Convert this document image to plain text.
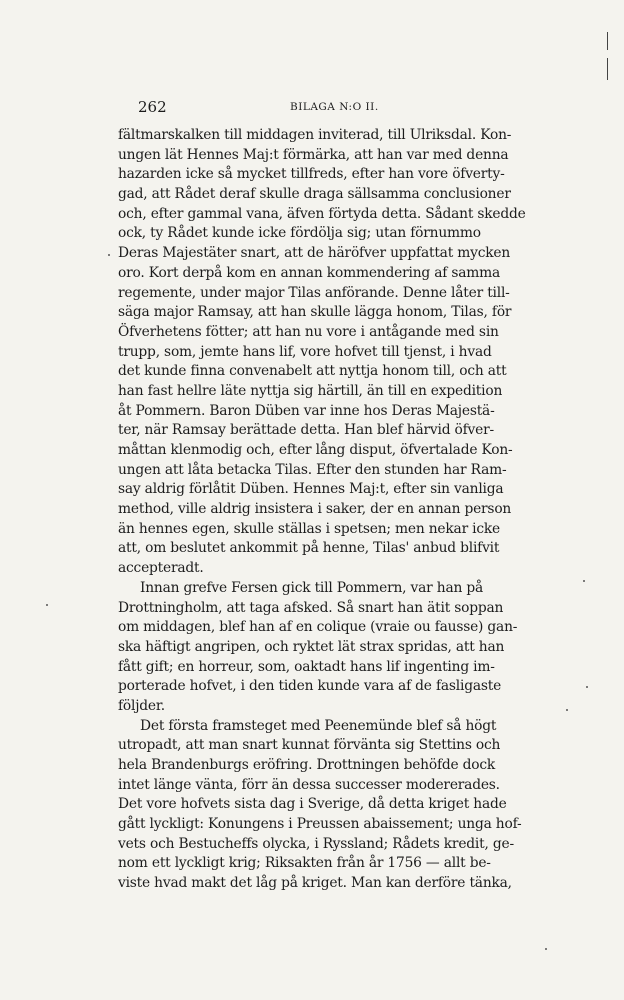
262	BILAGA N:O II.
fältmarskalken till middagen inviterad, till Ulriksdal. Kon-
ungen lät Hennes Maj:t förmärka, att han var med denna
hazarden icke så mycket tillfreds, efter han vore öfverty-
gad, att Rådet deraf skulle draga sällsamma conclusioner
och, efter gammal vana, äfven förtyda detta. Sådant skedde
ock, ty Rådet kunde icke fördölja sig; utan förnummo
Deras Majestäter snart, att de häröfver uppfattat mycken
oro. Kort derpå kom en annan kommendering af samma
regemente, under major Tilas anförande. Denne låter till-
säga major Ramsay, att han skulle lägga honom, Tilas, för
Öfverhetens fötter; att han nu vore i antågande med sin
trupp, som, jemte hans lif, vore hofvet till tjenst, i hvad
det kunde finna convenabelt att nyttja honom till, och att
han fast hellre läte nyttja sig härtill, än till en expedition
åt Pommern. Baron Düben var inne hos Deras Majestä-
ter, när Ramsay berättade detta. Han blef härvid öfver-
måttan klenmodig och, efter lång disput, öfvertalade Kon-
ungen att låta betacka Tilas. Efter den stunden har Ram-
say aldrig förlåtit Düben. Hennes Maj:t, efter sin vanliga
method, ville aldrig insistera i saker, der en annan person
än hennes egen, skulle ställas i spetsen; men nekar icke
att, om beslutet ankommit på henne, Tilas' anbud blifvit
accepteradt.
Innan grefve Fersen gick till Pommern, var han på
Drottningholm, att taga afsked. Så snart han ätit soppan
om middagen, blef han af en colique (vraie ou fausse) gan-
ska häftigt angripen, och ryktet lät strax spridas, att han
fått gift; en horreur, som, oaktadt hans lif ingenting im-
porterade hofvet, i den tiden kunde vara af de fasligaste
följder.
Det första framsteget med Peenemünde blef så högt
utropadt, att man snart kunnat förvänta sig Stettins och
hela Brandenburgs eröfring. Drottningen behöfde dock
intet länge vänta, förr än dessa successer modererades.
Det vore hofvets sista dag i Sverige, då detta kriget hade
gått lyckligt: Konungens i Preussen abaissement; unga hof-
vets och Bestucheffs olycka, i Ryssland; Rådets kredit, ge-
nom ett lyckligt krig; Riksakten från år 1756 — allt be-
viste hvad makt det låg på kriget. Man kan derföre tänka,
